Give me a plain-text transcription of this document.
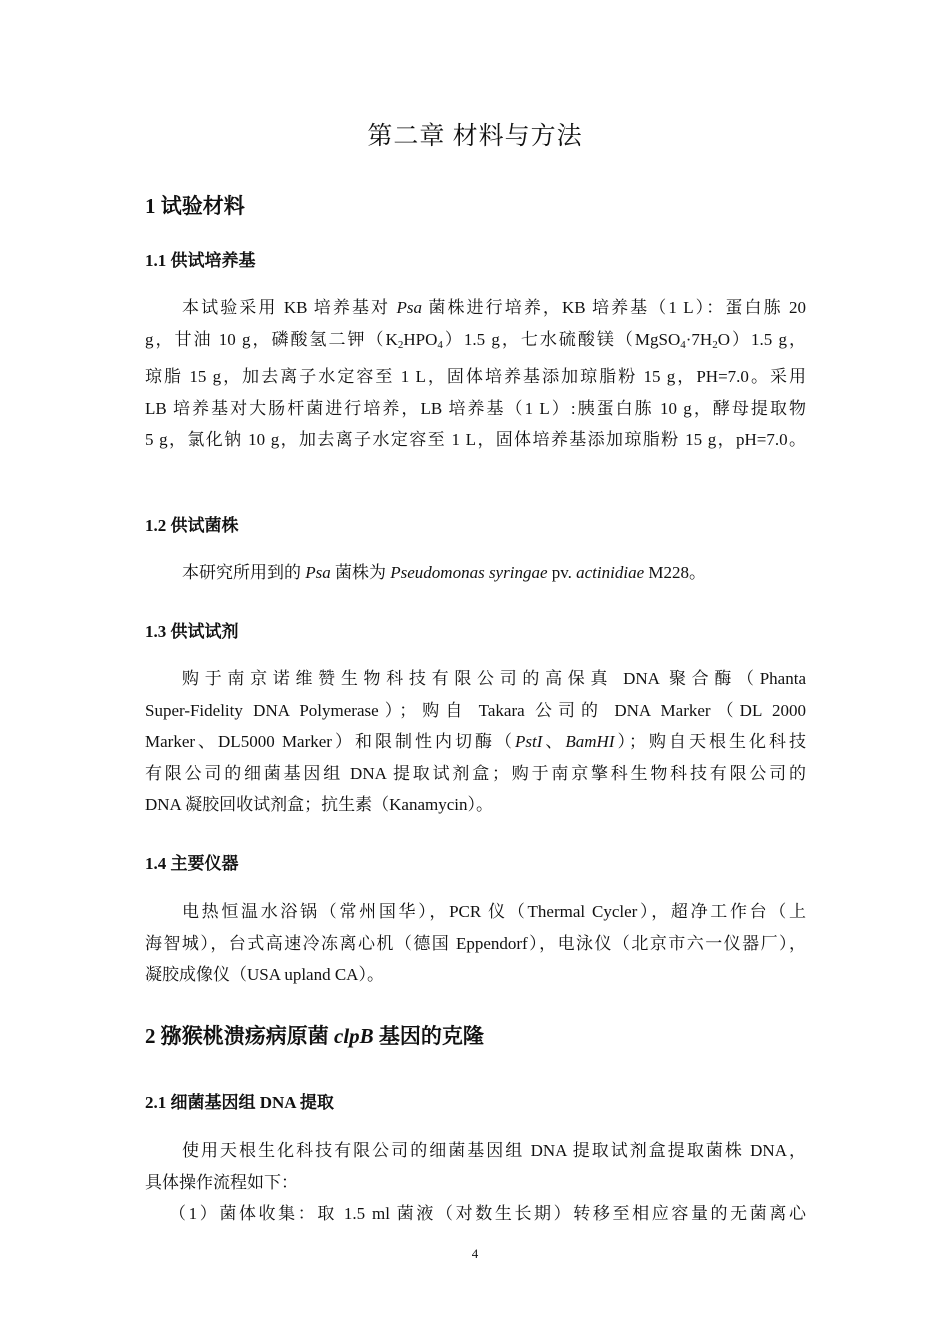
第二章 材料与方法
1 试验材料
1.1 供试培养基
本试验采用 KB 培养基对 Psa 菌株进行培养，KB 培养基（1 L）：蛋白胨 20
g，甘油 10 g，磷酸氢二钾$(K_2HPO_4)1.5$ g，七水硫酸镁$(MgSO_4\cdot 7H_2O)1.5$ g，
琼脂 15 g，加去离子水定容至 1 L，固体培养基添加琼脂粉 15 g，PH=7.0。采用
LB 培养基对大肠杆菌进行培养，LB 培养基（1 L）:胰蛋白胨 10 g，酵母提取物
5 g，氯化钠 10 g，加去离子水定容至 1 L，固体培养基添加琼脂粉 15 g，pH=7.0。
1.2 供试菌株
本研究所用到的 Psa 菌株为 Pseudomonas syringae pv. actinidiae M228。
1.3 供试试剂
购于南京诺维赞生物科技有限公司的高保真 DNA 聚合酶（Phanta
Super-Fidelity DNA Polymerase）；购自 Takara 公司的 DNA Marker（DL 2000
Marker、DL5000 Marker）和限制性内切酶（PstI、BamHI）；购自天根生化科技
有限公司的细菌基因组 DNA 提取试剂盒；购于南京擎科生物科技有限公司的
DNA 凝胶回收试剂盒；抗生素（Kanamycin）。
1.4 主要仪器
电热恒温水浴锅（常州国华），PCR 仪（Thermal Cycler），超净工作台（上
海智城），台式高速冷冻离心机（德国 Eppendorf），电泳仪（北京市六一仪器厂），
凝胶成像仪（USA upland CA）。
2 猕猴桃溃疡病原菌 clpB 基因的克隆
2.1 细菌基因组 DNA 提取
使用天根生化科技有限公司的细菌基因组 DNA 提取试剂盒提取菌株 DNA，
具体操作流程如下：
（1）菌体收集：取 1.5 ml 菌液（对数生长期）转移至相应容量的无菌离心
4
